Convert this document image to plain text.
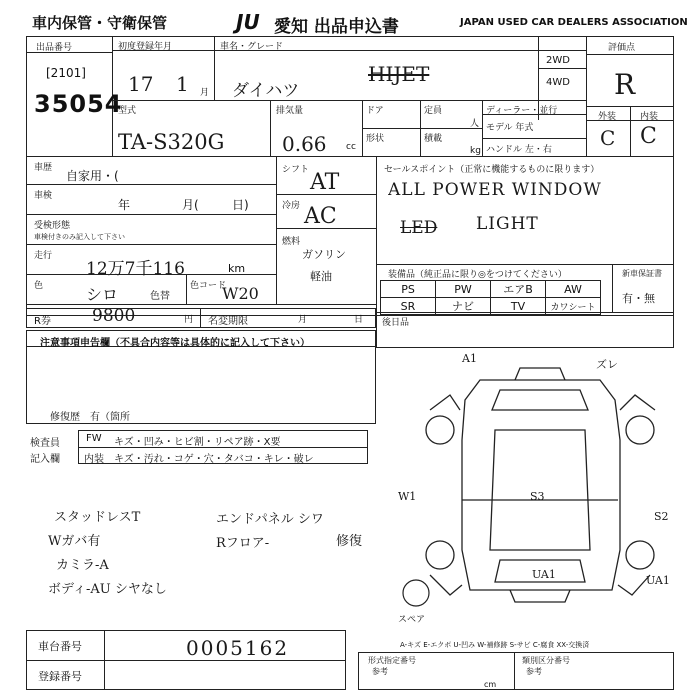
車内保管・守衛保管	JU 愛知 出品申込書	JAPAN USED CAR DEALERS ASSOCIATION
出品番号
[2101]
35054
初度登録年月
17 1 月
車名・グレード
ダイハツ
HIJET
2WD
4WD
評価点
R
外装	内装
C C
型式
TA-S320G
排気量
0.66 cc
ドア	定員
人
形状	積載
kg
ディーラー・並行
モデル 年式
ハンドル 左・右
車歴
自家用・(
車検
年	月(	日)
受検形態
車検付きのみ記入して下さい
走行
12万7千116	km
色	シロ	色替
色コード
W20
シフト AT
冷房 AC
燃料
ガソリン
軽油
セールスポイント（正常に機能するものに限ります）
ALL POWER WINDOW
LED LIGHT
装備品（純正品に限り◎をつけてください）
PS	PW	エアB	AW
SR	ナビ	TV	カワシート
新車保証書
有・無
R券 9800	円 名変期限	月	日 後日品
注意事項申告欄（不具合内容等は具体的に記入して下さい）
修復歴　有（箇所
検査員
記入欄
FW キズ・凹み・ヒビ割・リペア跡・X要
内装 キズ・汚れ・コゲ・穴・タバコ・キレ・破レ
スタッドレスT
Wガバ有
カミラ-A
ボディ-AU シヤなし
エンドパネル シワ
Rフロア-	修復
A1	ズレ
W1	S3
S2
UA1	UA1
スペア
車台番号	0005162
登録番号
A-キズ E-エクボ U-凹み W-補修跡 S-サビ C-腐食 XX-交換済
形式指定番号
参考
類別区分番号
参考
cm
